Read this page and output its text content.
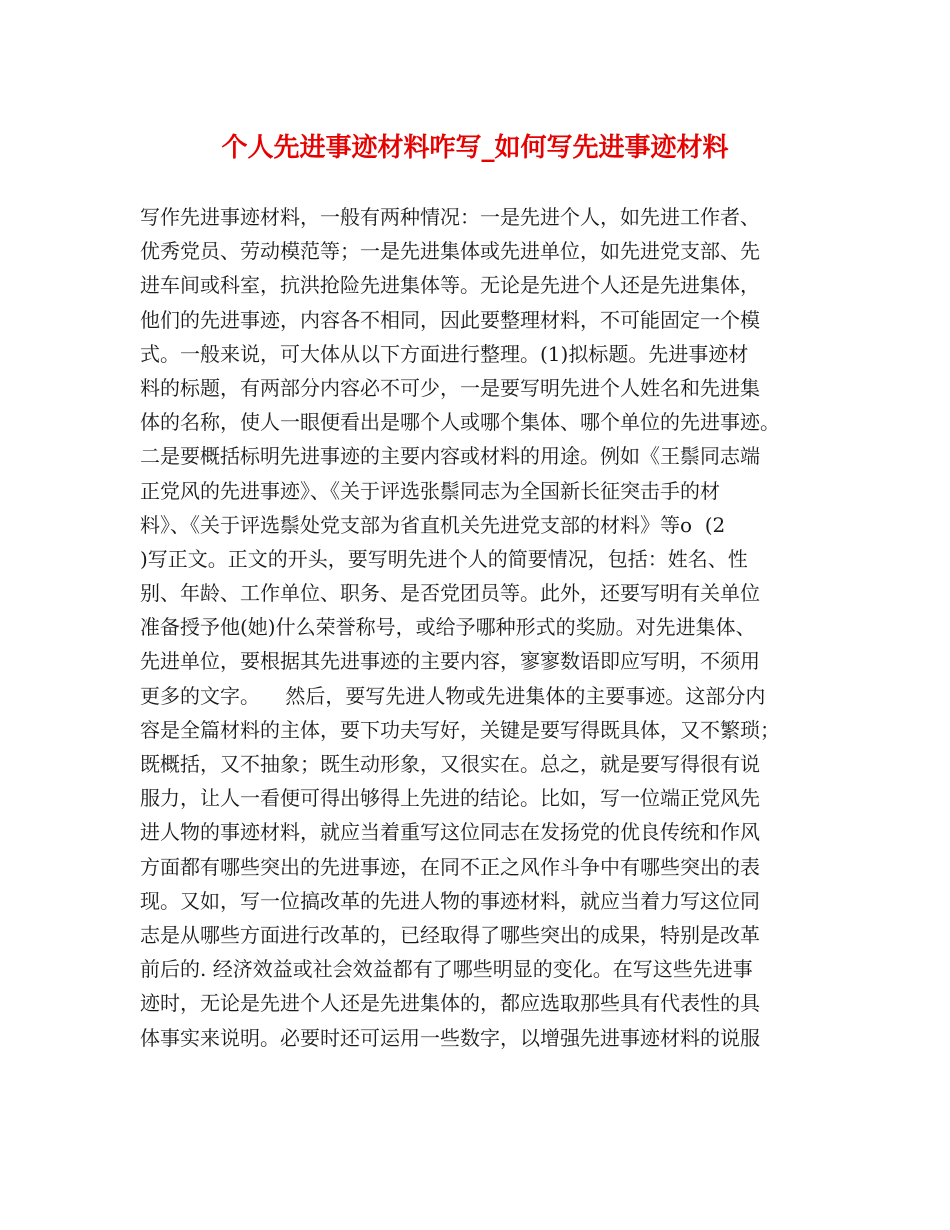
个人先进事迹材料咋写_如何写先进事迹材料
写作先进事迹材料，一般有两种情况：一是先进个人，如先进工作者、
优秀党员、劳动模范等；一是先进集体或先进单位，如先进党支部、先
进车间或科室，抗洪抢险先进集体等。无论是先进个人还是先进集体，
他们的先进事迹，内容各不相同，因此要整理材料，不可能固定一个模
式。一般来说，可大体从以下方面进行整理。(1)拟标题。先进事迹材
料的标题，有两部分内容必不可少，一是要写明先进个人姓名和先进集
体的名称，使人一眼便看出是哪个人或哪个集体、哪个单位的先进事迹。
二是要概括标明先进事迹的主要内容或材料的用途。例如《王鬃同志端
正党风的先进事迹》、《关于评选张鬃同志为全国新长征突击手的材
料》、《关于评选鬃处党支部为省直机关先进党支部的材料》等o  (2
)写正文。正文的开头，要写明先进个人的简要情况，包括：姓名、性
别、年龄、工作单位、职务、是否党团员等。此外，还要写明有关单位
准备授予他(她)什么荣誉称号，或给予哪种形式的奖励。对先进集体、
先进单位，要根据其先进事迹的主要内容，寥寥数语即应写明，不须用
更多的文字。    然后，要写先进人物或先进集体的主要事迹。这部分内
容是全篇材料的主体，要下功夫写好，关键是要写得既具体，又不繁琐；
既概括，又不抽象；既生动形象，又很实在。总之，就是要写得很有说
服力，让人一看便可得出够得上先进的结论。比如，写一位端正党风先
进人物的事迹材料，就应当着重写这位同志在发扬党的优良传统和作风
方面都有哪些突出的先进事迹，在同不正之风作斗争中有哪些突出的表
现。又如，写一位搞改革的先进人物的事迹材料，就应当着力写这位同
志是从哪些方面进行改革的，已经取得了哪些突出的成果，特别是改革
前后的. 经济效益或社会效益都有了哪些明显的变化。在写这些先进事
迹时，无论是先进个人还是先进集体的，都应选取那些具有代表性的具
体事实来说明。必要时还可运用一些数字，以增强先进事迹材料的说服
